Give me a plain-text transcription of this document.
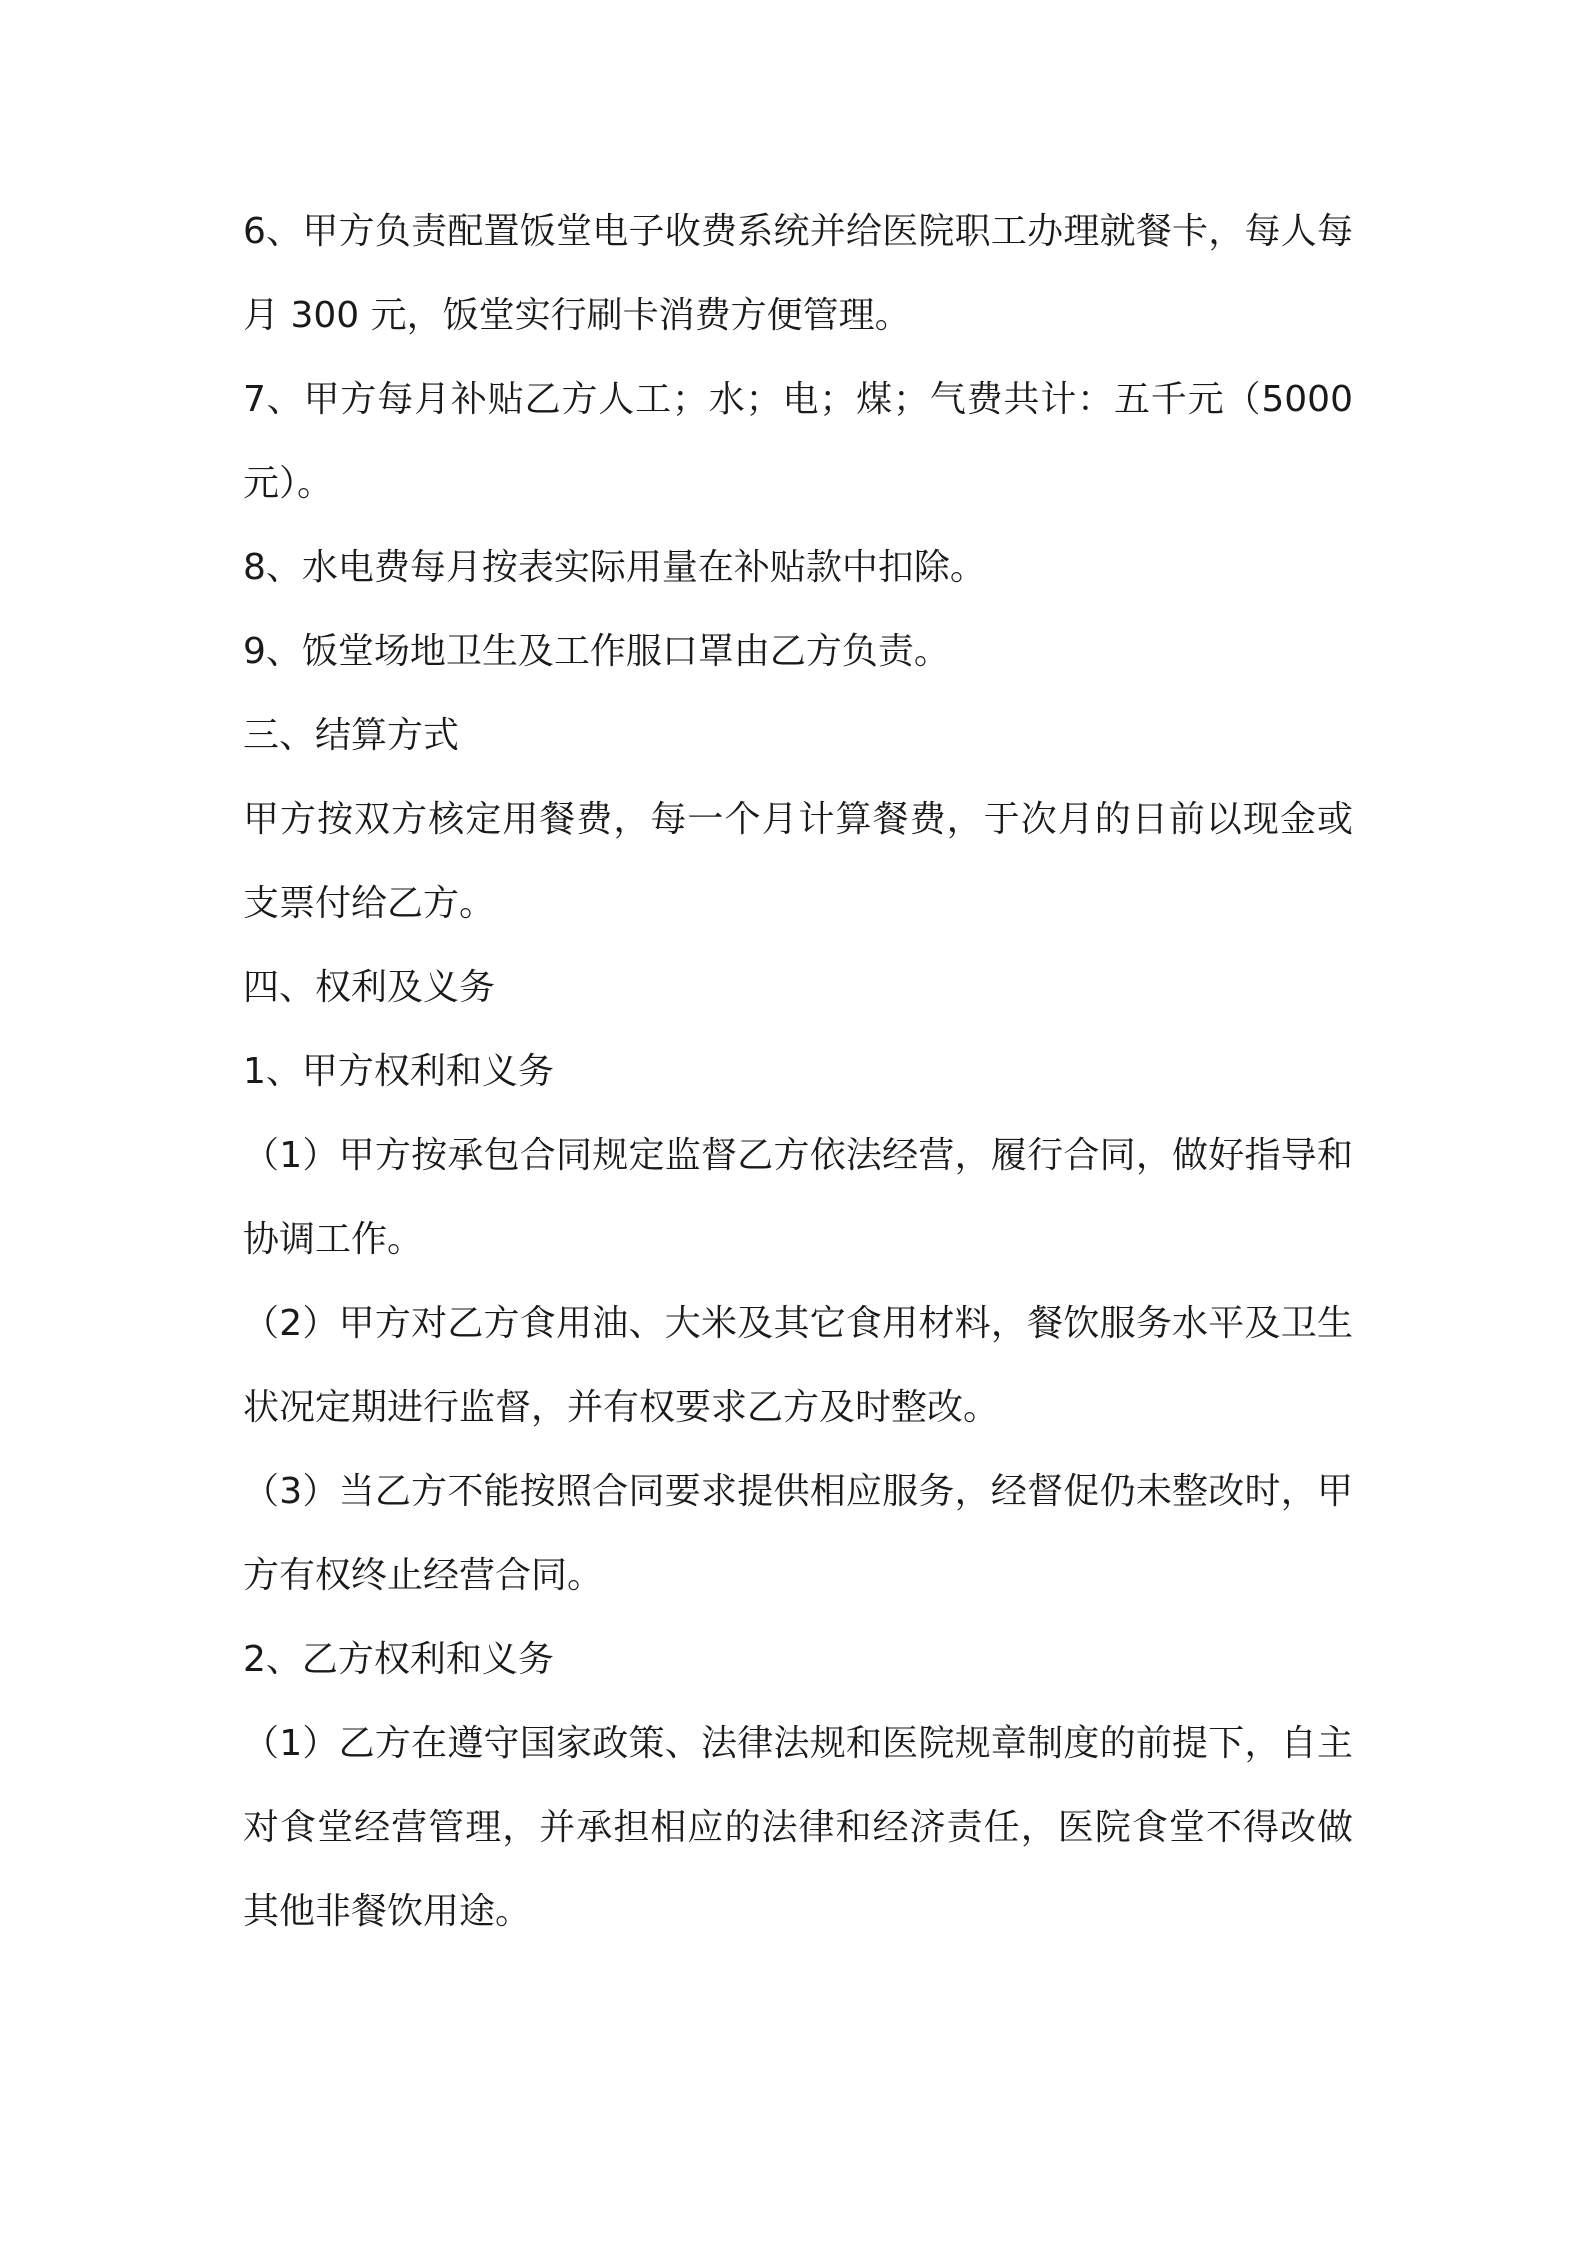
6、甲方负责配置饭堂电子收费系统并给医院职工办理就餐卡，每人每月 300 元，饭堂实行刷卡消费方便管理。

7、甲方每月补贴乙方人工；水；电；煤；气费共计：五千元（5000元）。

8、水电费每月按表实际用量在补贴款中扣除。

9、饭堂场地卫生及工作服口罩由乙方负责。

三、结算方式

甲方按双方核定用餐费，每一个月计算餐费，于次月的日前以现金或支票付给乙方。

四、权利及义务

1、甲方权利和义务

（1）甲方按承包合同规定监督乙方依法经营，履行合同，做好指导和协调工作。

（2）甲方对乙方食用油、大米及其它食用材料，餐饮服务水平及卫生状况定期进行监督，并有权要求乙方及时整改。

（3）当乙方不能按照合同要求提供相应服务，经督促仍未整改时，甲方有权终止经营合同。

2、乙方权利和义务

（1）乙方在遵守国家政策、法律法规和医院规章制度的前提下，自主对食堂经营管理，并承担相应的法律和经济责任，医院食堂不得改做其他非餐饮用途。
